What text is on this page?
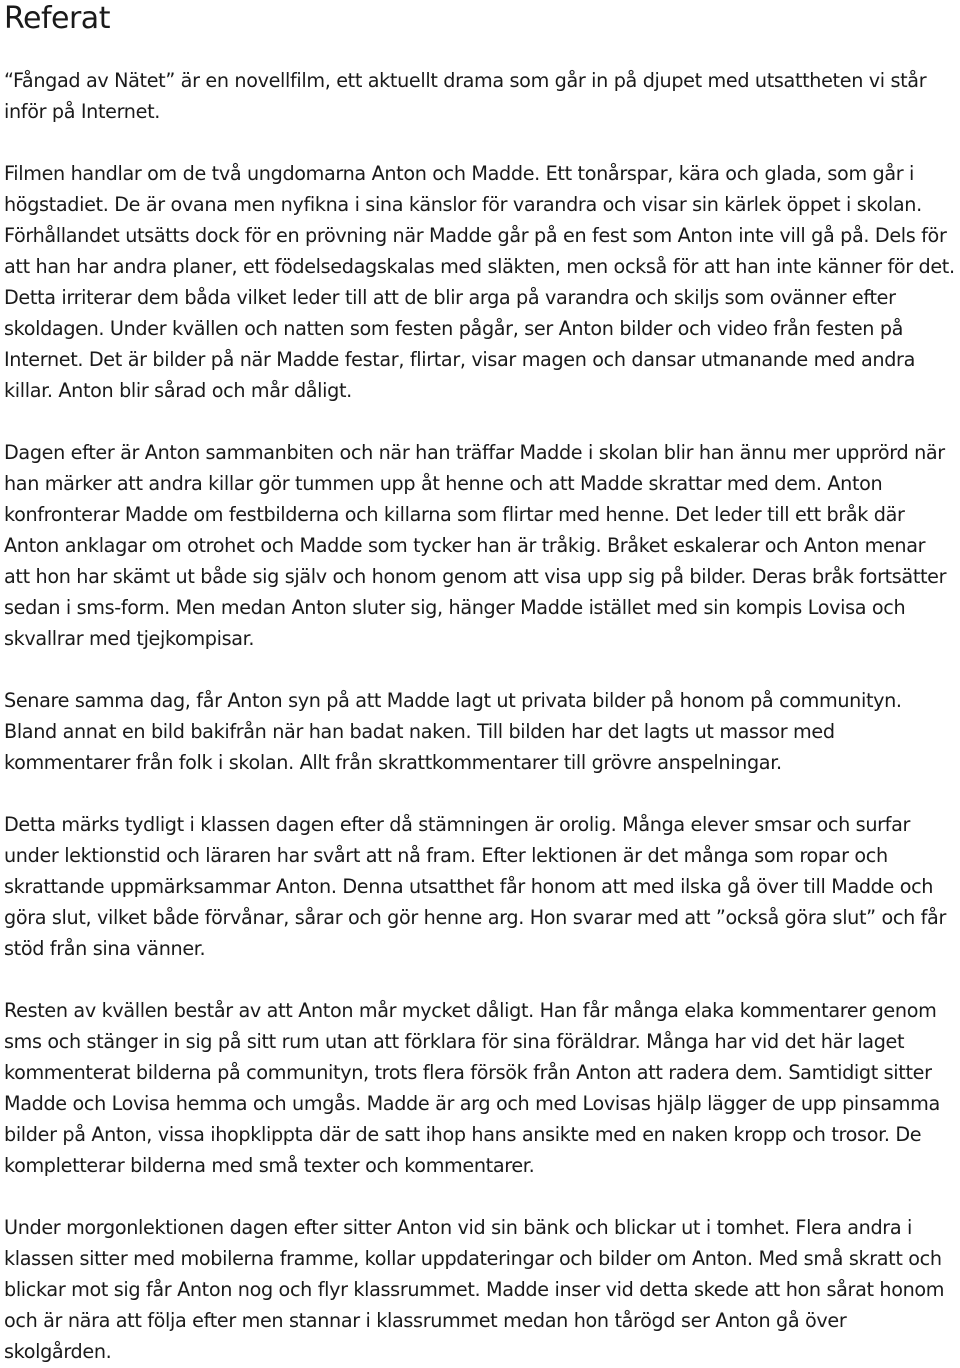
Referat

“Fångad av Nätet” är en novellfilm, ett aktuellt drama som går in på djupet med utsattheten vi står inför på Internet.

Filmen handlar om de två ungdomarna Anton och Madde. Ett tonårspar, kära och glada, som går i högstadiet. De är ovana men nyfikna i sina känslor för varandra och visar sin kärlek öppet i skolan. Förhållandet utsätts dock för en prövning när Madde går på en fest som Anton inte vill gå på. Dels för att han har andra planer, ett födelsedagskalas med släkten, men också för att han inte känner för det. Detta irriterar dem båda vilket leder till att de blir arga på varandra och skiljs som ovänner efter skoldagen. Under kvällen och natten som festen pågår, ser Anton bilder och video från festen på Internet. Det är bilder på när Madde festar, flirtar, visar magen och dansar utmanande med andra killar. Anton blir sårad och mår dåligt.

Dagen efter är Anton sammanbiten och när han träffar Madde i skolan blir han ännu mer upprörd när han märker att andra killar gör tummen upp åt henne och att Madde skrattar med dem. Anton konfronterar Madde om festbilderna och killarna som flirtar med henne. Det leder till ett bråk där Anton anklagar om otrohet och Madde som tycker han är tråkig. Bråket eskalerar och Anton menar att hon har skämt ut både sig själv och honom genom att visa upp sig på bilder. Deras bråk fortsätter sedan i sms-form. Men medan Anton sluter sig, hänger Madde istället med sin kompis Lovisa och skvallrar med tjejkompisar.

Senare samma dag, får Anton syn på att Madde lagt ut privata bilder på honom på communityn. Bland annat en bild bakifrån när han badat naken. Till bilden har det lagts ut massor med kommentarer från folk i skolan. Allt från skrattkommentarer till grövre anspelningar.

Detta märks tydligt i klassen dagen efter då stämningen är orolig. Många elever smsar och surfar under lektionstid och läraren har svårt att nå fram. Efter lektionen är det många som ropar och skrattande uppmärksammar Anton. Denna utsatthet får honom att med ilska gå över till Madde och göra slut, vilket både förvånar, sårar och gör henne arg. Hon svarar med att ”också göra slut” och får stöd från sina vänner.

Resten av kvällen består av att Anton mår mycket dåligt. Han får många elaka kommentarer genom sms och stänger in sig på sitt rum utan att förklara för sina föräldrar. Många har vid det här laget kommenterat bilderna på communityn, trots flera försök från Anton att radera dem. Samtidigt sitter Madde och Lovisa hemma och umgås. Madde är arg och med Lovisas hjälp lägger de upp pinsamma bilder på Anton, vissa ihopklippta där de satt ihop hans ansikte med en naken kropp och trosor. De kompletterar bilderna med små texter och kommentarer.

Under morgonlektionen dagen efter sitter Anton vid sin bänk och blickar ut i tomhet. Flera andra i klassen sitter med mobilerna framme, kollar uppdateringar och bilder om Anton. Med små skratt och blickar mot sig får Anton nog och flyr klassrummet. Madde inser vid detta skede att hon sårat honom och är nära att följa efter men stannar i klassrummet medan hon tårögd ser Anton gå över skolgården.
